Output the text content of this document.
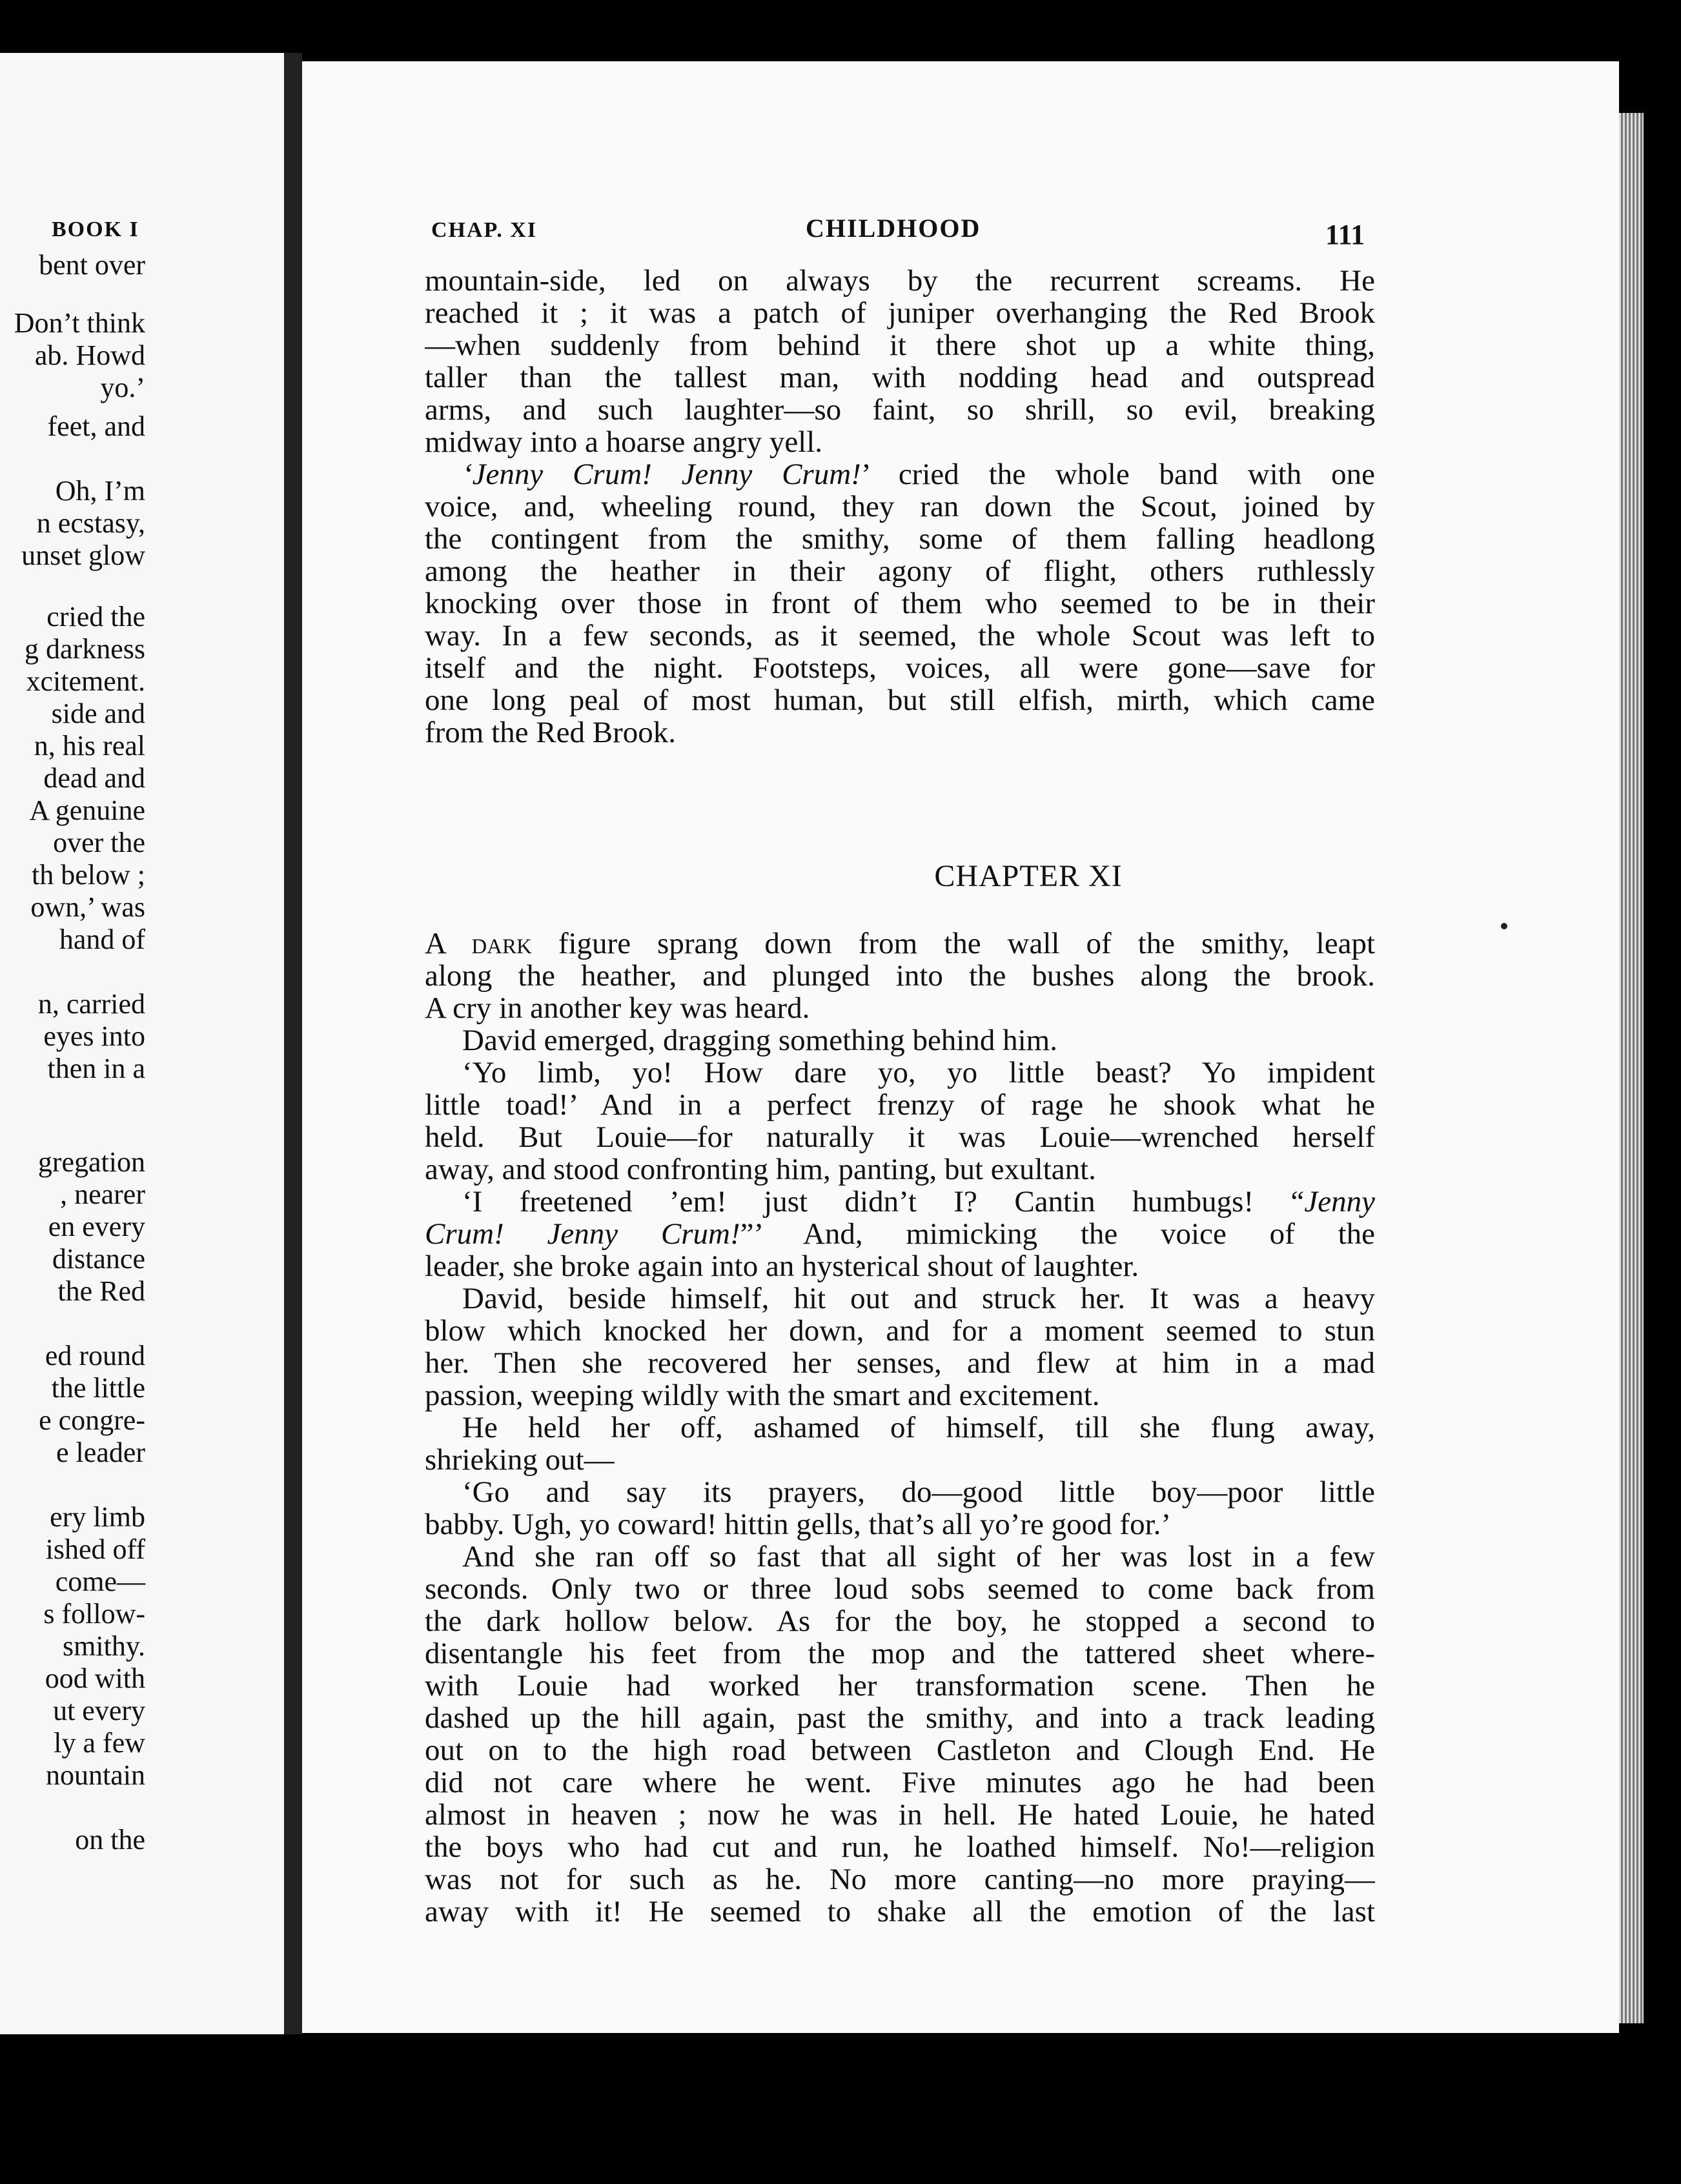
BOOK I
bent over
Don’t think
ab. Howd
yo.’
feet, and
Oh, I’m
n ecstasy,
unset glow
cried the
g darkness
xcitement.
side and
n, his real
dead and
A genuine
over the
th below ;
own,’ was
hand of
n, carried
eyes into
then in a
gregation
, nearer
en every
distance
the Red
ed round
the little
e congre-
e leader
ery limb
ished off
come—
s follow-
smithy.
ood with
ut every
ly a few
nountain
on the
CHAP. XI	CHILDHOOD	111
mountain-side, led on always by the recurrent screams. He
reached it ; it was a patch of juniper overhanging the Red Brook
—when suddenly from behind it there shot up a white thing,
taller than the tallest man, with nodding head and outspread
arms, and such laughter—so faint, so shrill, so evil, breaking
midway into a hoarse angry yell.
‘Jenny Crum! Jenny Crum!’ cried the whole band with one
voice, and, wheeling round, they ran down the Scout, joined by
the contingent from the smithy, some of them falling headlong
among the heather in their agony of flight, others ruthlessly
knocking over those in front of them who seemed to be in their
way. In a few seconds, as it seemed, the whole Scout was left to
itself and the night. Footsteps, voices, all were gone—save for
one long peal of most human, but still elfish, mirth, which came
from the Red Brook.
CHAPTER XI
A dark figure sprang down from the wall of the smithy, leapt
along the heather, and plunged into the bushes along the brook.
A cry in another key was heard.
David emerged, dragging something behind him.
‘Yo limb, yo! How dare yo, yo little beast? Yo impident
little toad!’ And in a perfect frenzy of rage he shook what he
held. But Louie—for naturally it was Louie—wrenched herself
away, and stood confronting him, panting, but exultant.
‘I freetened ’em! just didn’t I? Cantin humbugs! “Jenny
Crum! Jenny Crum!”’ And, mimicking the voice of the
leader, she broke again into an hysterical shout of laughter.
David, beside himself, hit out and struck her. It was a heavy
blow which knocked her down, and for a moment seemed to stun
her. Then she recovered her senses, and flew at him in a mad
passion, weeping wildly with the smart and excitement.
He held her off, ashamed of himself, till she flung away,
shrieking out—
‘Go and say its prayers, do—good little boy—poor little
babby. Ugh, yo coward! hittin gells, that’s all yo’re good for.’
And she ran off so fast that all sight of her was lost in a few
seconds. Only two or three loud sobs seemed to come back from
the dark hollow below. As for the boy, he stopped a second to
disentangle his feet from the mop and the tattered sheet where-
with Louie had worked her transformation scene. Then he
dashed up the hill again, past the smithy, and into a track leading
out on to the high road between Castleton and Clough End. He
did not care where he went. Five minutes ago he had been
almost in heaven ; now he was in hell. He hated Louie, he hated
the boys who had cut and run, he loathed himself. No!—religion
was not for such as he. No more canting—no more praying—
away with it! He seemed to shake all the emotion of the last
